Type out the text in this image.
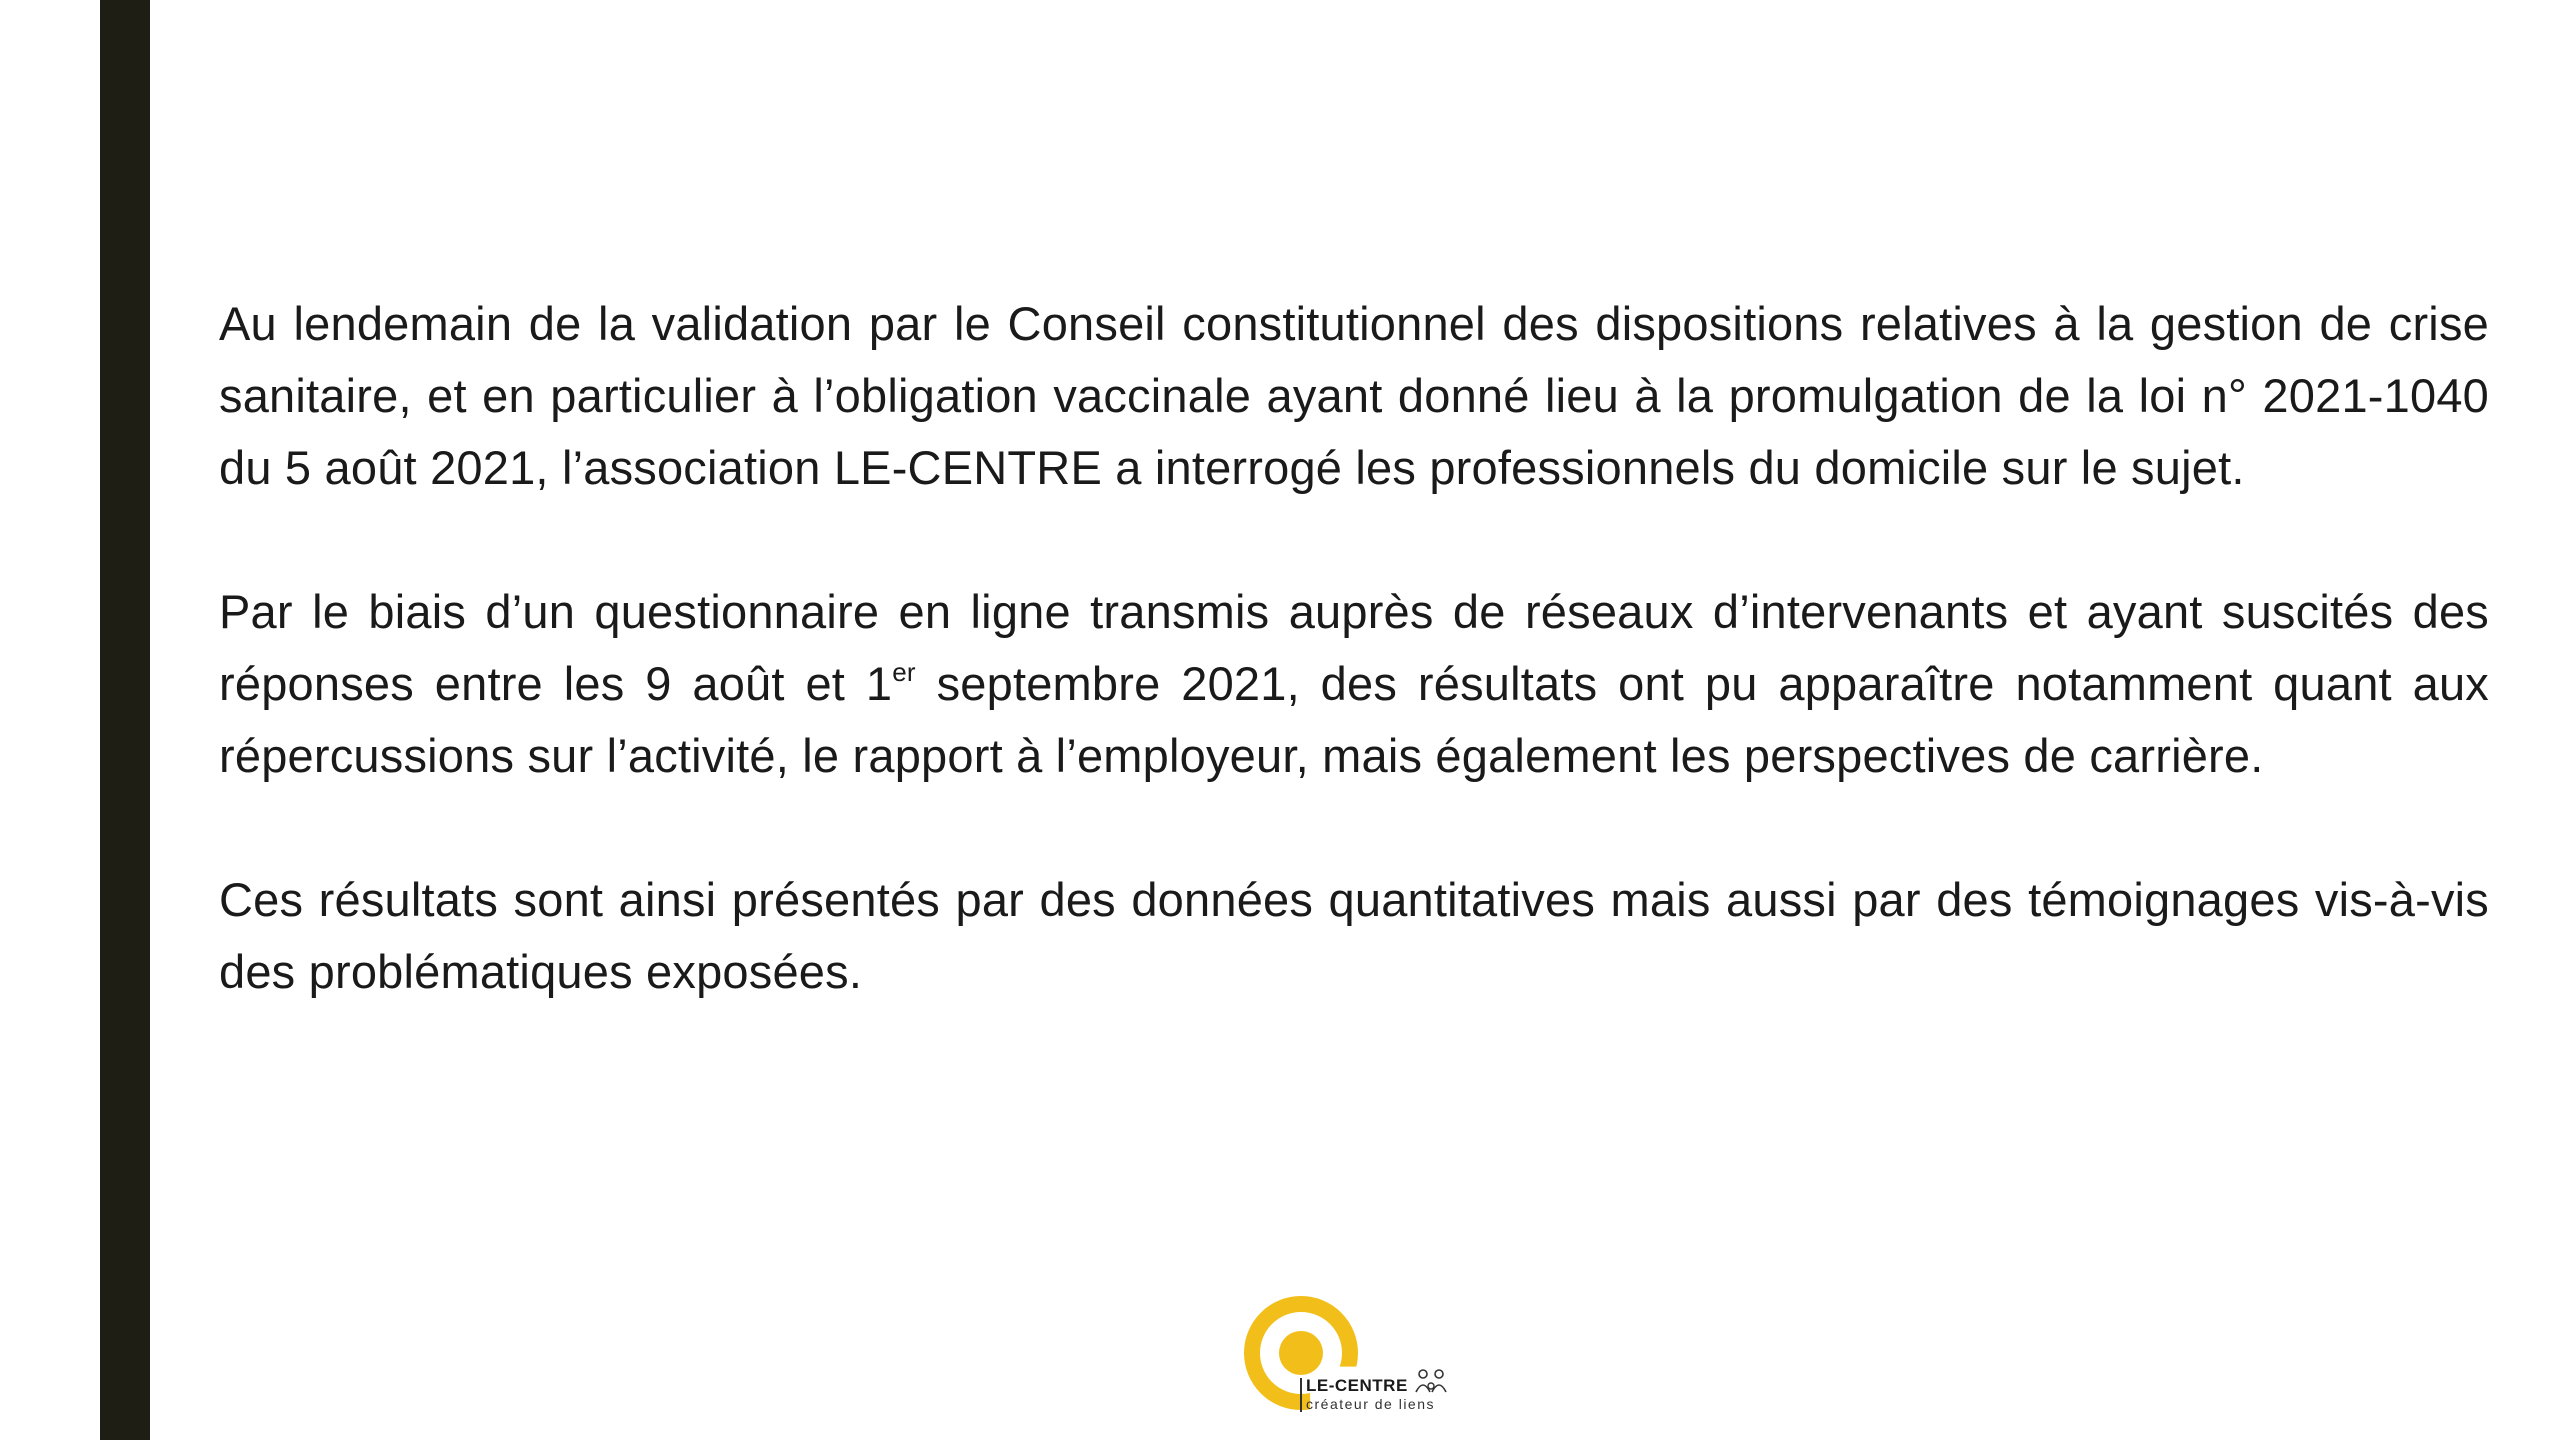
Au lendemain de la validation par le Conseil constitutionnel des dispositions relatives à la gestion de crise sanitaire, et en particulier à l’obligation vaccinale ayant donné lieu à la promulgation de la loi n° 2021-1040 du 5 août 2021, l’association LE-CENTRE a interrogé les professionnels du domicile sur le sujet.

Par le biais d’un questionnaire en ligne transmis auprès de réseaux d’intervenants et ayant suscités des réponses entre les 9 août et 1er septembre 2021, des résultats ont pu apparaître notamment quant aux répercussions sur l’activité, le rapport à l’employeur, mais également les perspectives de carrière.

Ces résultats sont ainsi présentés par des données quantitatives mais aussi par des témoignages vis-à-vis des problématiques exposées.

LE-CENTRE
créateur de liens
